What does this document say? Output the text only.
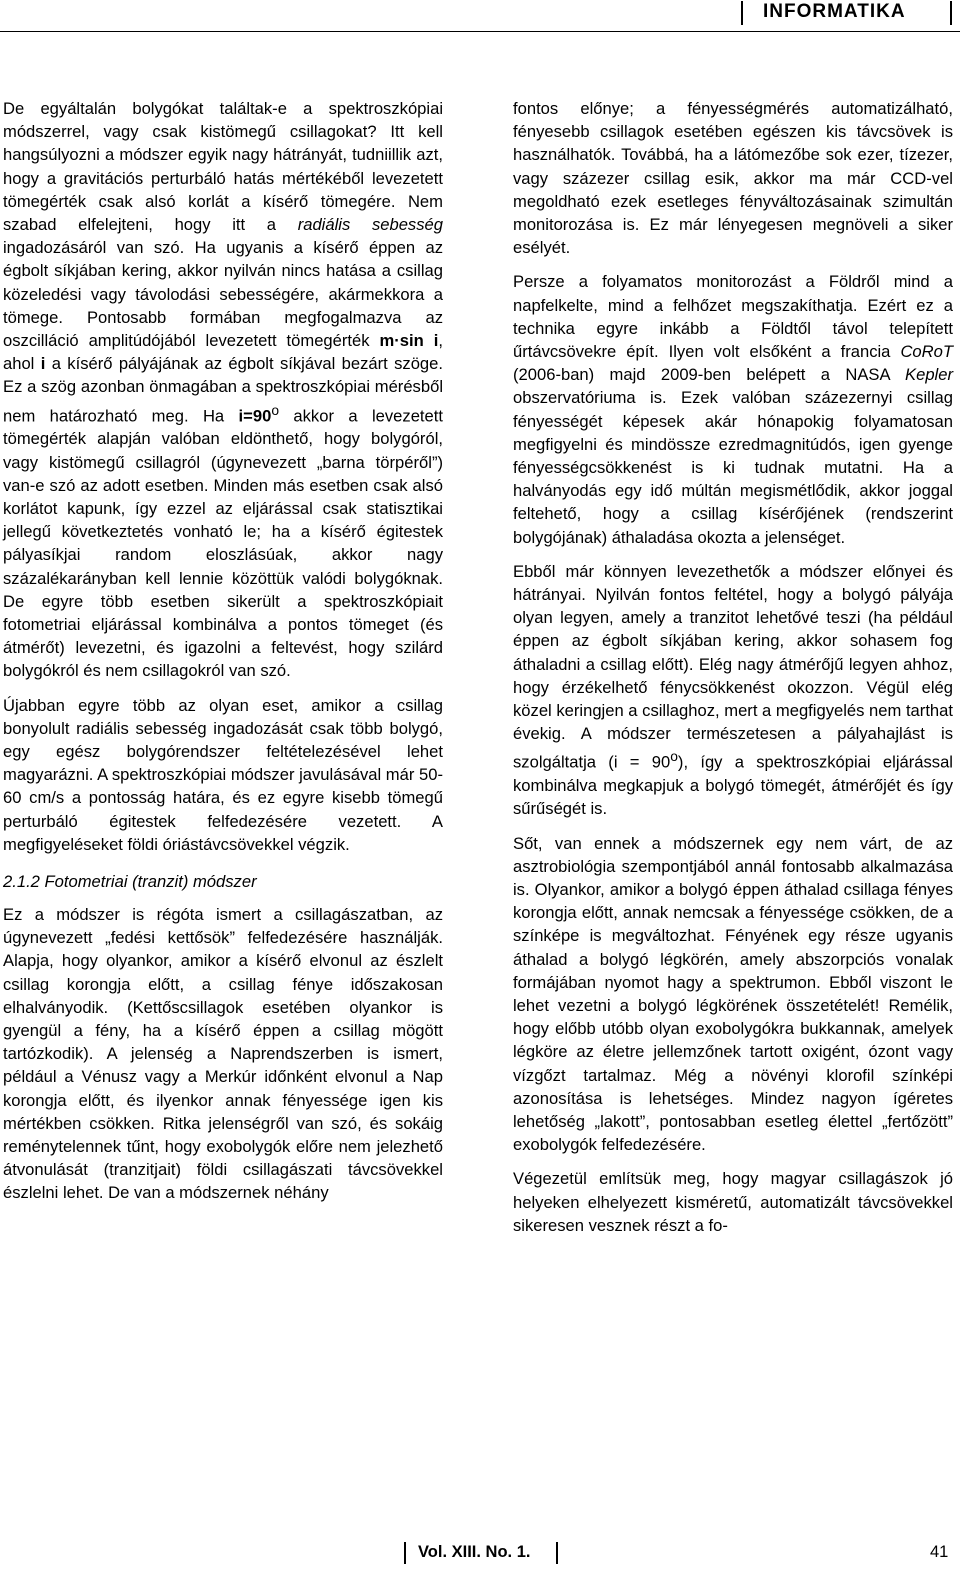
INFORMATIKA

De egyáltalán bolygókat találtak-e a spektroszkópiai módszerrel, vagy csak kistömegű csillagokat? Itt kell hangsúlyozni a módszer egyik nagy hátrányát, tudniillik azt, hogy a gravitációs perturbáló hatás mértékéből levezetett tömegérték csak alsó korlát a kísérő tömegére. Nem szabad elfelejteni, hogy itt a radiális sebesség ingadozásáról van szó. Ha ugyanis a kísérő éppen az égbolt síkjában kering, akkor nyilván nincs hatása a csillag közeledési vagy távolodási sebességére, akármekkora a tömege. Pontosabb formában megfogalmazva az oszcilláció amplitúdójából levezetett tömegérték m·sin i, ahol i a kísérő pályájának az égbolt síkjával bezárt szöge. Ez a szög azonban önmagában a spektroszkópiai mérésből nem határozható meg. Ha $i=90^o$ akkor a levezetett tömegérték alapján valóban eldönthető, hogy bolygóról, vagy kistömegű csillagról (úgynevezett „barna törpéről”) van-e szó az adott esetben. Minden más esetben csak alsó korlátot kapunk, így ezzel az eljárással csak statisztikai jellegű következtetés vonható le; ha a kísérő égitestek pályasíkjai random eloszlásúak, akkor nagy százalékarányban kell lennie közöttük valódi bolygóknak. De egyre több esetben sikerült a spektroszkópiait fotometriai eljárással kombinálva a pontos tömeget (és átmérőt) levezetni, és igazolni a feltevést, hogy szilárd bolygókról és nem csillagokról van szó.

Újabban egyre több az olyan eset, amikor a csillag bonyolult radiális sebesség ingadozását csak több bolygó, egy egész bolygórendszer feltételezésével lehet magyarázni. A spektroszkópiai módszer javulásával már 50-60 cm/s a pontosság határa, és ez egyre kisebb tömegű perturbáló égitestek felfedezésére vezetett. A megfigyeléseket földi óriástávcsövekkel végzik.

2.1.2 Fotometriai (tranzit) módszer

Ez a módszer is régóta ismert a csillagászatban, az úgynevezett „fedési kettősök” felfedezésére használják. Alapja, hogy olyankor, amikor a kísérő elvonul az észlelt csillag korongja előtt, a csillag fénye időszakosan elhalványodik. (Kettőscsillagok esetében olyankor is gyengül a fény, ha a kísérő éppen a csillag mögött tartózkodik). A jelenség a Naprendszerben is ismert, például a Vénusz vagy a Merkúr időnként elvonul a Nap korongja előtt, és ilyenkor annak fényessége igen kis mértékben csökken. Ritka jelenségről van szó, és sokáig reménytelennek tűnt, hogy exobolygók előre nem jelezhető átvonulását (tranzitjait) földi csillagászati távcsövekkel észlelni lehet. De van a módszernek néhány

fontos előnye; a fényességmérés automatizálható, fényesebb csillagok esetében egészen kis távcsövek is használhatók. Továbbá, ha a látómezőbe sok ezer, tízezer, vagy százezer csillag esik, akkor ma már CCD-vel megoldható ezek esetleges fényváltozásainak szimultán monitorozása is. Ez már lényegesen megnöveli a siker esélyét.

Persze a folyamatos monitorozást a Földről mind a napfelkelte, mind a felhőzet megszakíthatja. Ezért ez a technika egyre inkább a Földtől távol telepített űrtávcsövekre épít. Ilyen volt elsőként a francia CoRoT (2006-ban) majd 2009-ben belépett a NASA Kepler obszervatóriuma is. Ezek valóban százezernyi csillag fényességét képesek akár hónapokig folyamatosan megfigyelni és mindössze ezredmagnitúdós, igen gyenge fényességcsökkenést is ki tudnak mutatni. Ha a halványodás egy idő múltán megismétlődik, akkor joggal feltehető, hogy a csillag kísérőjének (rendszerint bolygójának) áthaladása okozta a jelenséget.

Ebből már könnyen levezethetők a módszer előnyei és hátrányai. Nyilván fontos feltétel, hogy a bolygó pályája olyan legyen, amely a tranzitot lehetővé teszi (ha például éppen az égbolt síkjában kering, akkor sohasem fog áthaladni a csillag előtt). Elég nagy átmérőjű legyen ahhoz, hogy érzékelhető fénycsökkenést okozzon. Végül elég közel keringjen a csillaghoz, mert a megfigyelés nem tarthat évekig. A módszer természetesen a pályahajlást is szolgáltatja $(i = 90^o)$, így a spektroszkópiai eljárással kombinálva megkapjuk a bolygó tömegét, átmérőjét és így sűrűségét is.

Sőt, van ennek a módszernek egy nem várt, de az asztrobiológia szempontjából annál fontosabb alkalmazása is. Olyankor, amikor a bolygó éppen áthalad csillaga fényes korongja előtt, annak nemcsak a fényessége csökken, de a színképe is megváltozhat. Fényének egy része ugyanis áthalad a bolygó légkörén, amely abszorpciós vonalak formájában nyomot hagy a spektrumon. Ebből viszont le lehet vezetni a bolygó légkörének összetételét! Remélik, hogy előbb utóbb olyan exobolygókra bukkannak, amelyek légköre az életre jellemzőnek tartott oxigént, ózont vagy vízgőzt tartalmaz. Még a növényi klorofil színképi azonosítása is lehetséges. Mindez nagyon ígéretes lehetőség „lakott”, pontosabban esetleg élettel „fertőzött” exobolygók felfedezésére.

Végezetül említsük meg, hogy magyar csillagászok jó helyeken elhelyezett kisméretű, automatizált távcsövekkel sikeresen vesznek részt a fo-

Vol. XIII. No. 1.	41
